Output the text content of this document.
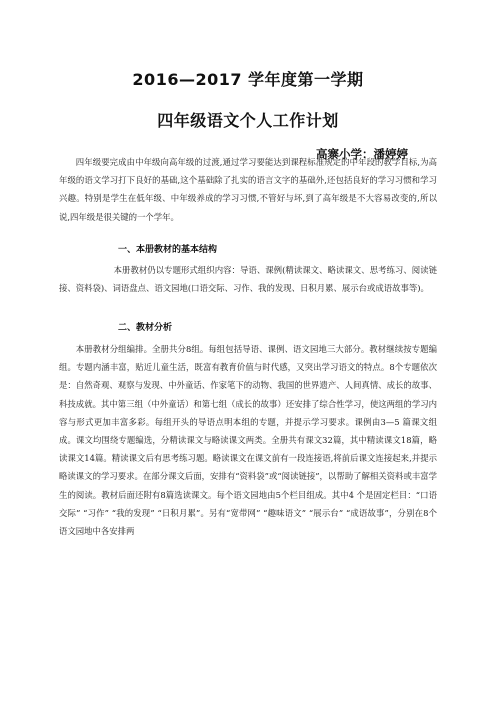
2016—2017 学年度第一学期
四年级语文个人工作计划
高寨小学：潘婷婷

四年级要完成由中年级向高年级的过渡,通过学习要能达到课程标准规定的中年段的教学目标,为高年级的语文学习打下良好的基础,这个基础除了扎实的语言文字的基础外,还包括良好的学习习惯和学习兴趣。特别是学生在低年级、中年级养成的学习习惯,不管好与坏,到了高年级是不大容易改变的,所以说,四年级是很关键的一个学年。

一、本册教材的基本结构

本册教材仍以专题形式组织内容：导语、课例(精读课文、略读课文、思考练习、阅读链接、资料袋)、词语盘点、语文园地(口语交际、习作、我的发现、日积月累、展示台或成语故事等)。

二、教材分析

本册教材分组编排。全册共分8组。每组包括导语、课例、语文园地三大部分。教材继续按专题编组。专题内涵丰富，贴近儿童生活，既富有教育价值与时代感，又突出学习语文的特点。8个专题依次是：自然奇观、观察与发现、中外童话、作家笔下的动物、我国的世界遗产、人间真情、成长的故事、科技成就。其中第三组（中外童话）和第七组（成长的故事）还安排了综合性学习，使这两组的学习内容与形式更加丰富多彩。每组开头的导语点明本组的专题，并提示学习要求。课例由3—5 篇课文组成。课文均围绕专题编选，分精读课文与略读课文两类。全册共有课文32篇，其中精读课文18篇，略读课文14篇。精读课文后有思考练习题。略读课文在课文前有一段连接语,将前后课文连接起来,并提示略读课文的学习要求。在部分课文后面，安排有“资料袋”或“阅读链接”，以帮助了解相关资料或丰富学生的阅读。教材后面还附有8篇选读课文。每个语文园地由5个栏目组成。其中4 个是固定栏目：“口语交际” “习作” “我的发现” “日积月累”。另有“宽带网” “趣味语文” “展示台” “成语故事”，分别在8个语文园地中各安排两
